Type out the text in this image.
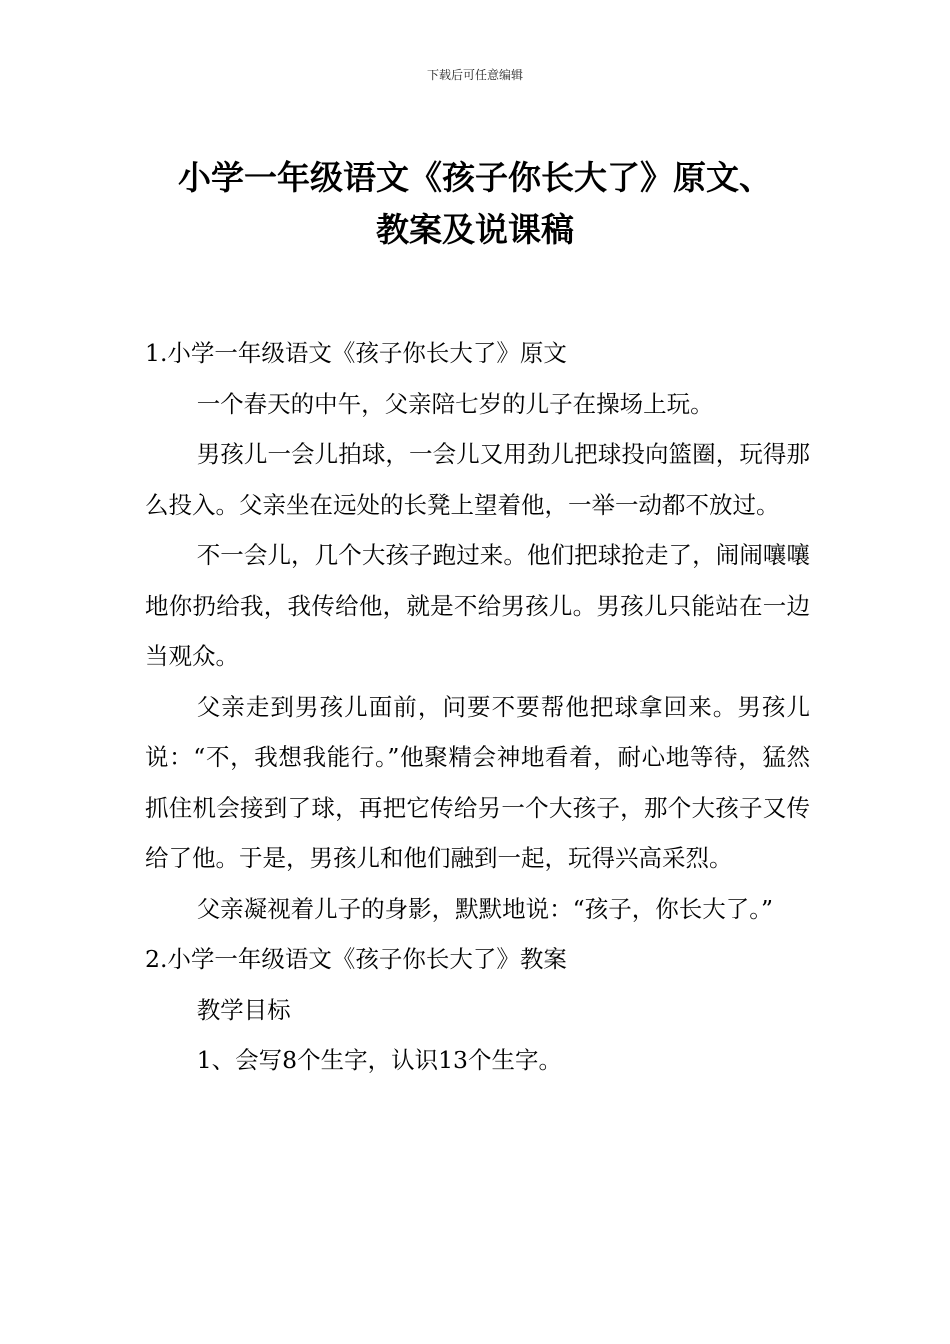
下载后可任意编辑
小学一年级语文《孩子你长大了》原文、
教案及说课稿

1.小学一年级语文《孩子你长大了》原文

一个春天的中午，父亲陪七岁的儿子在操场上玩。

男孩儿一会儿拍球，一会儿又用劲儿把球投向篮圈，玩得那么投入。父亲坐在远处的长凳上望着他，一举一动都不放过。

不一会儿，几个大孩子跑过来。他们把球抢走了，闹闹嚷嚷地你扔给我，我传给他，就是不给男孩儿。男孩儿只能站在一边当观众。

父亲走到男孩儿面前，问要不要帮他把球拿回来。男孩儿说：“不，我想我能行。”他聚精会神地看着，耐心地等待，猛然抓住机会接到了球，再把它传给另一个大孩子，那个大孩子又传给了他。于是，男孩儿和他们融到一起，玩得兴高采烈。

父亲凝视着儿子的身影，默默地说：“孩子，你长大了。”

2.小学一年级语文《孩子你长大了》教案

教学目标

1、会写8个生字，认识13个生字。
